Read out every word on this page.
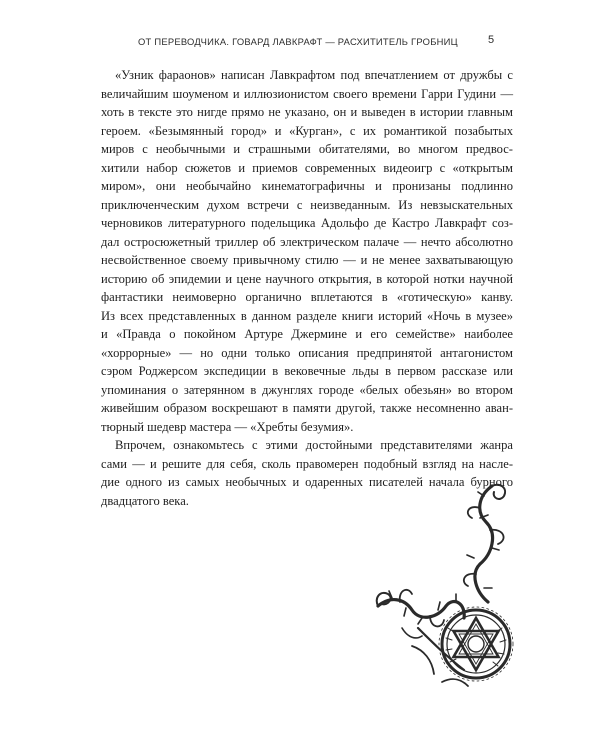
ОТ ПЕРЕВОДЧИКА. ГОВАРД ЛАВКРАФТ — РАСХИТИТЕЛЬ ГРОБНИЦ	5
«Узник фараонов» написан Лавкрафтом под впечатлением от дружбы с
величайшим шоуменом и иллюзионистом своего времени Гарри Гудини —
хоть в тексте это нигде прямо не указано, он и выведен в истории главным
героем. «Безымянный город» и «Курган», с их романтикой позабытых
миров с необычными и страшными обитателями, во многом предвос-
хитили набор сюжетов и приемов современных видеоигр с «открытым
миром», они необычайно кинематографичны и пронизаны подлинно
приключенческим духом встречи с неизведанным. Из невзыскательных
черновиков литературного подельщика Адольфо де Кастро Лавкрафт соз-
дал остросюжетный триллер об электрическом палаче — нечто абсолютно
несвойственное своему привычному стилю — и не менее захватывающую
историю об эпидемии и цене научного открытия, в которой нотки научной
фантастики неимоверно органично вплетаются в «готическую» канву.
Из всех представленных в данном разделе книги историй «Ночь в музее»
и «Правда о покойном Артуре Джермине и его семействе» наиболее
«хоррорные» — но одни только описания предпринятой антагонистом
сэром Роджерсом экспедиции в вековечные льды в первом рассказе или
упоминания о затерянном в джунглях городе «белых обезьян» во втором
живейшим образом воскрешают в памяти другой, также несомненно аван-
тюрный шедевр мастера — «Хребты безумия».
Впрочем, ознакомьтесь с этими достойными представителями жанра
сами — и решите для себя, сколь правомерен подобный взгляд на насле-
дие одного из самых необычных и одаренных писателей начала бурного
двадцатого века.
